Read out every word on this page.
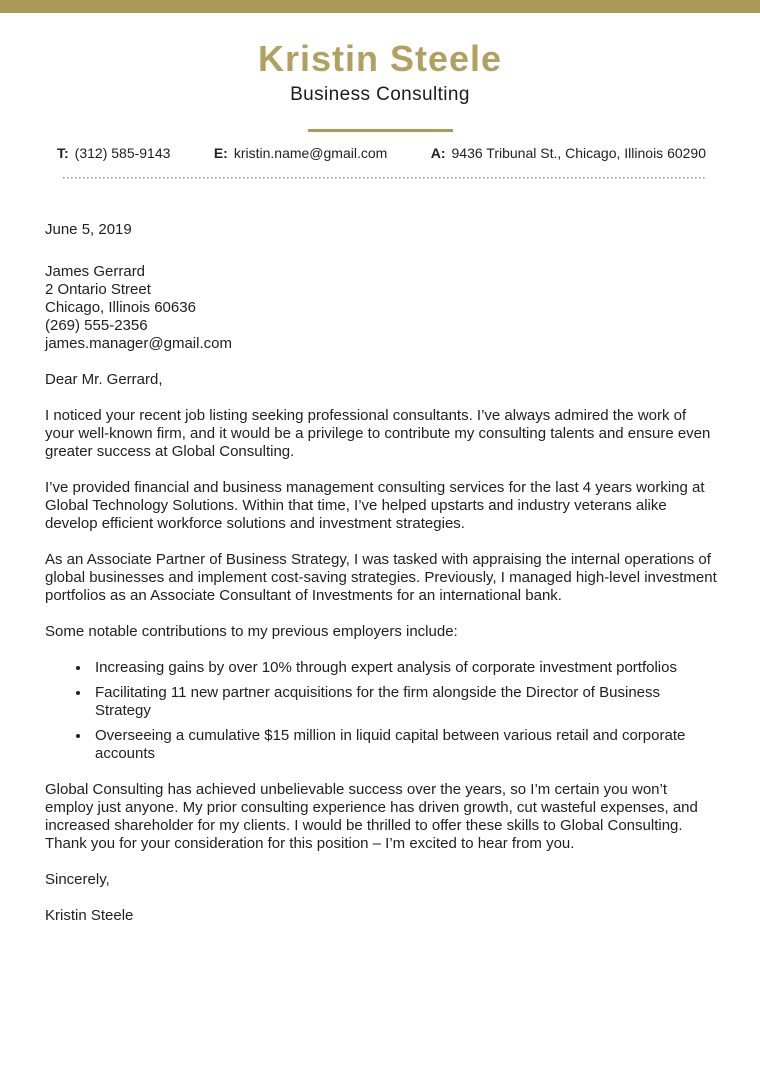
Kristin Steele
Business Consulting
T: (312) 585-9143	E: kristin.name@gmail.com	A: 9436 Tribunal St., Chicago, Illinois 60290

June 5, 2019

James Gerrard
2 Ontario Street
Chicago, Illinois 60636
(269) 555-2356
james.manager@gmail.com

Dear Mr. Gerrard,

I noticed your recent job listing seeking professional consultants. I’ve always admired the work of your well-known firm, and it would be a privilege to contribute my consulting talents and ensure even greater success at Global Consulting.

I’ve provided financial and business management consulting services for the last 4 years working at Global Technology Solutions. Within that time, I’ve helped upstarts and industry veterans alike develop efficient workforce solutions and investment strategies.

As an Associate Partner of Business Strategy, I was tasked with appraising the internal operations of global businesses and implement cost-saving strategies. Previously, I managed high-level investment portfolios as an Associate Consultant of Investments for an international bank.

Some notable contributions to my previous employers include:

• Increasing gains by over 10% through expert analysis of corporate investment portfolios
• Facilitating 11 new partner acquisitions for the firm alongside the Director of Business Strategy
• Overseeing a cumulative $15 million in liquid capital between various retail and corporate accounts

Global Consulting has achieved unbelievable success over the years, so I’m certain you won’t employ just anyone. My prior consulting experience has driven growth, cut wasteful expenses, and increased shareholder for my clients. I would be thrilled to offer these skills to Global Consulting. Thank you for your consideration for this position – I’m excited to hear from you.

Sincerely,

Kristin Steele
